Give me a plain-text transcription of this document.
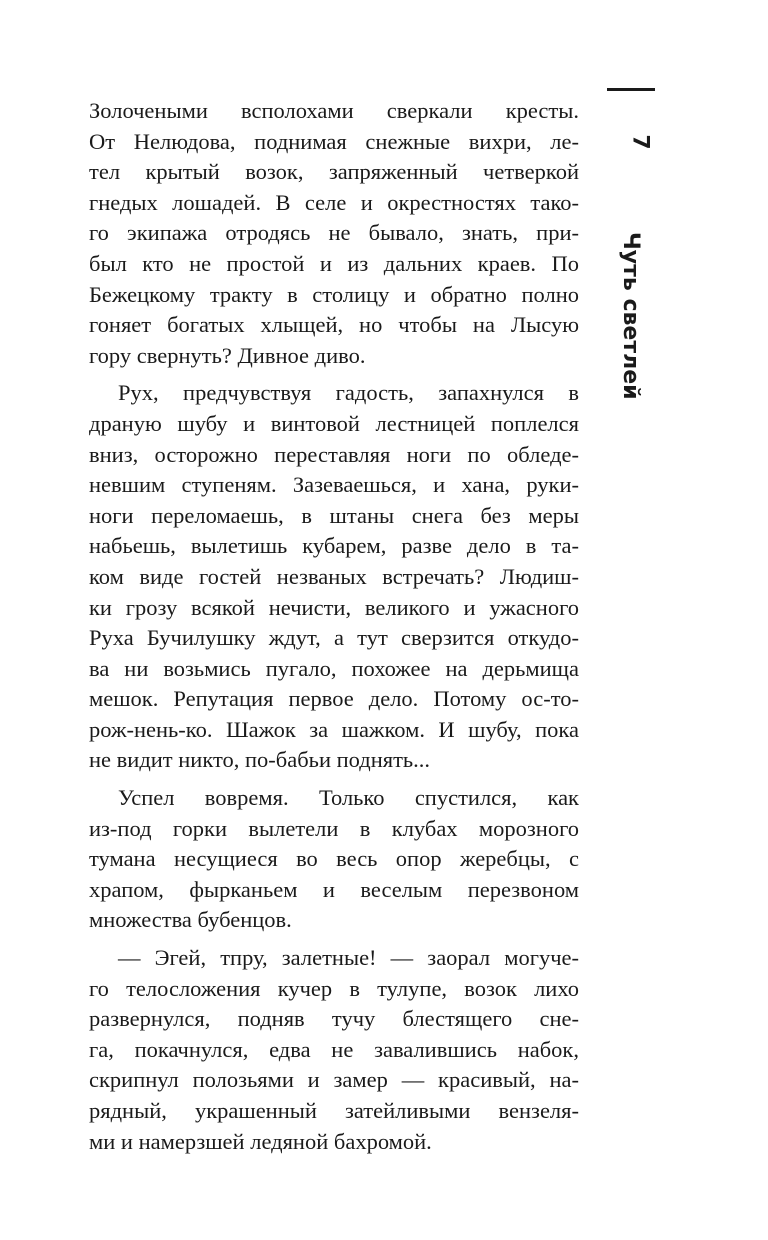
7
Чуть светлей
Золочеными всполохами сверкали кресты.
От Нелюдова, поднимая снежные вихри, ле-
тел крытый возок, запряженный четверкой
гнедых лошадей. В селе и окрестностях тако-
го экипажа отродясь не бывало, знать, при-
был кто не простой и из дальних краев. По
Бежецкому тракту в столицу и обратно полно
гоняет богатых хлыщей, но чтобы на Лысую
гору свернуть? Дивное диво.
Рух, предчувствуя гадость, запахнулся в
драную шубу и винтовой лестницей поплелся
вниз, осторожно переставляя ноги по обледе-
невшим ступеням. Зазеваешься, и хана, руки-
ноги переломаешь, в штаны снега без меры
набьешь, вылетишь кубарем, разве дело в та-
ком виде гостей незваных встречать? Людиш-
ки грозу всякой нечисти, великого и ужасного
Руха Бучилушку ждут, а тут сверзится откудо-
ва ни возьмись пугало, похожее на дерьмища
мешок. Репутация первое дело. Потому ос-то-
рож-нень-ко. Шажок за шажком. И шубу, пока
не видит никто, по-бабьи поднять...
Успел вовремя. Только спустился, как
из-под горки вылетели в клубах морозного
тумана несущиеся во весь опор жеребцы, с
храпом, фырканьем и веселым перезвоном
множества бубенцов.
— Эгей, тпру, залетные! — заорал могуче-
го телосложения кучер в тулупе, возок лихо
развернулся, подняв тучу блестящего сне-
га, покачнулся, едва не завалившись набок,
скрипнул полозьями и замер — красивый, на-
рядный, украшенный затейливыми вензеля-
ми и намерзшей ледяной бахромой.
